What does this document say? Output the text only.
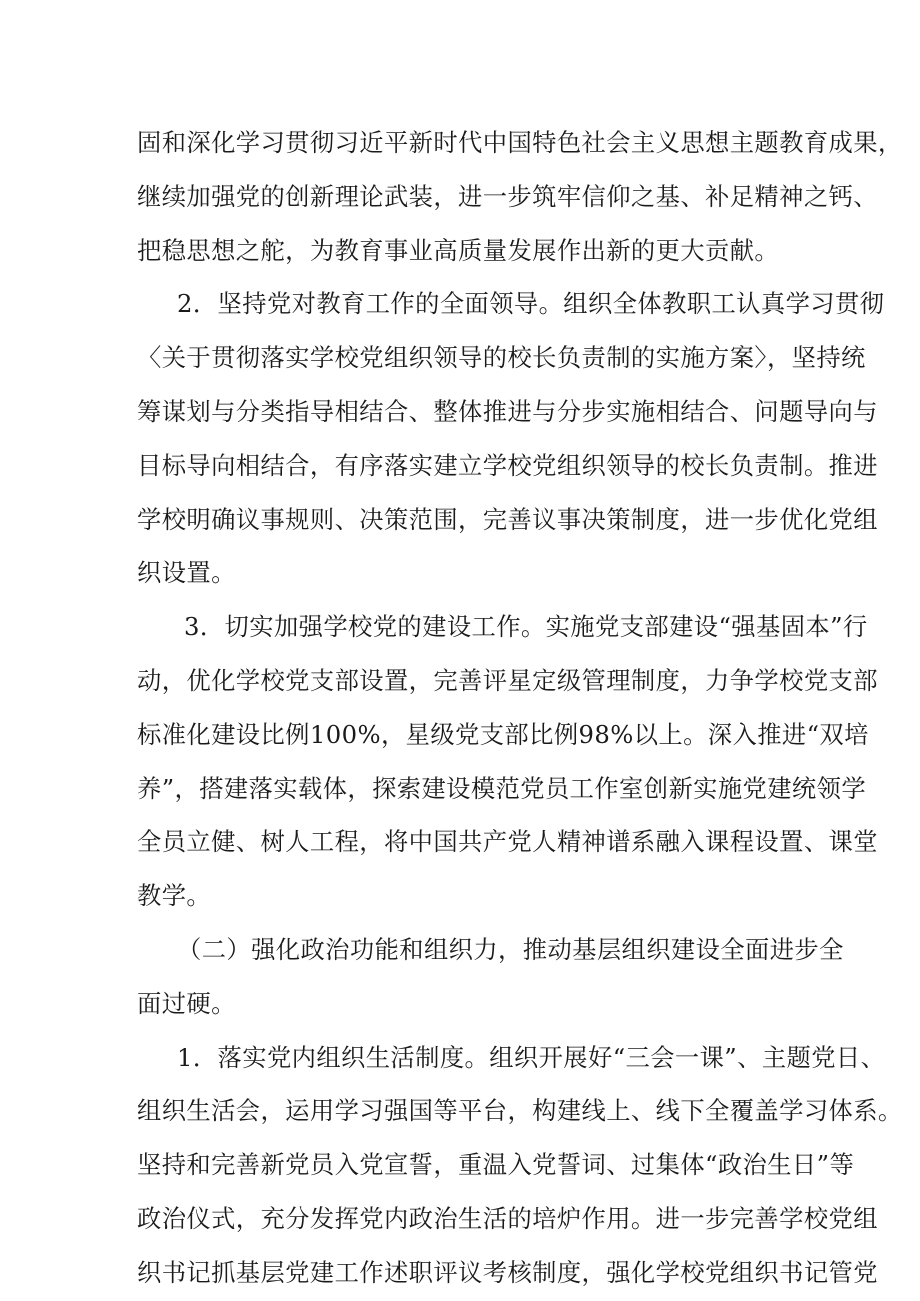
固和深化学习贯彻习近平新时代中国特色社会主义思想主题教育成果，
继续加强党的创新理论武装，进一步筑牢信仰之基、补足精神之钙、
把稳思想之舵，为教育事业高质量发展作出新的更大贡献。
2．坚持党对教育工作的全面领导。组织全体教职工认真学习贯彻
〈关于贯彻落实学校党组织领导的校长负责制的实施方案〉，坚持统
筹谋划与分类指导相结合、整体推进与分步实施相结合、问题导向与
目标导向相结合，有序落实建立学校党组织领导的校长负责制。推进
学校明确议事规则、决策范围，完善议事决策制度，进一步优化党组
织设置。
3．切实加强学校党的建设工作。实施党支部建设“强基固本”行
动，优化学校党支部设置，完善评星定级管理制度，力争学校党支部
标准化建设比例100%，星级党支部比例98%以上。深入推进“双培
养”，搭建落实载体，探索建设模范党员工作室创新实施党建统领学
全员立健、树人工程，将中国共产党人精神谱系融入课程设置、课堂
教学。
（二）强化政治功能和组织力，推动基层组织建设全面进步全
面过硬。
1．落实党内组织生活制度。组织开展好“三会一课”、主题党日、
组织生活会，运用学习强国等平台，构建线上、线下全覆盖学习体系。
坚持和完善新党员入党宣誓，重温入党誓词、过集体“政治生日”等
政治仪式，充分发挥党内政治生活的培炉作用。进一步完善学校党组
织书记抓基层党建工作述职评议考核制度，强化学校党组织书记管党
